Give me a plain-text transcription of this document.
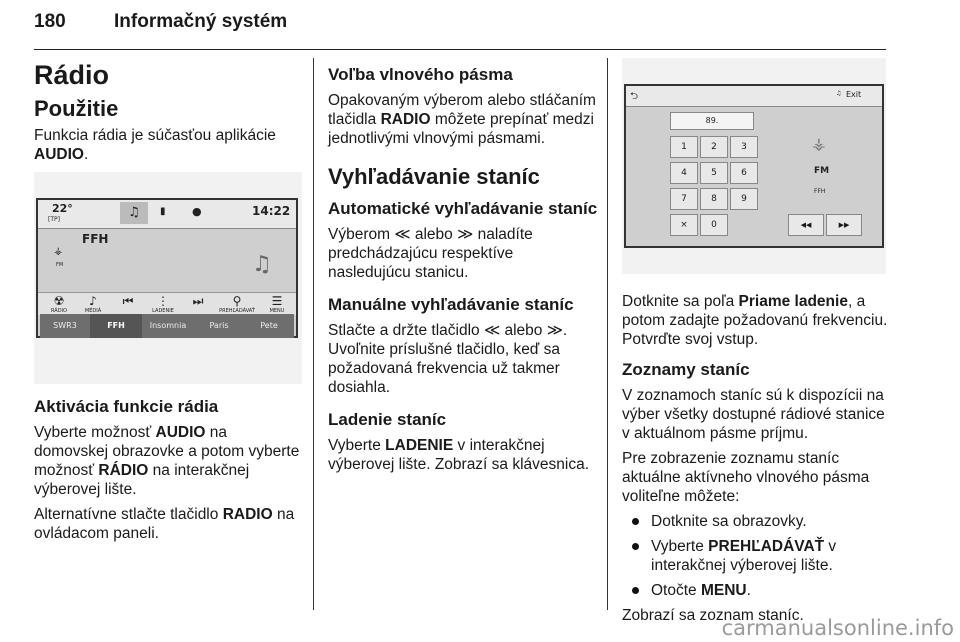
180	Informačný systém
Rádio
Použitie

Funkcia rádia je súčasťou aplikácie AUDIO.

22°
[TP]	♫	▮ ●	14:22
FFH
⚶
FM	♫
☢
RÁDIO
♪
MÉDIÁ
⏮	⋮
LADENIE
⏭	⚲
PREHĽADÁVAŤ
☰
MENU
SWR3	FFH	Insomnia	Paris	Pete
Aktivácia funkcie rádia

Vyberte možnosť AUDIO na domovskej obrazovke a potom vyberte možnosť RÁDIO na interakčnej výberovej lište.

Alternatívne stlačte tlačidlo RADIO na ovládacom paneli.

Voľba vlnového pásma

Opakovaným výberom alebo stláčaním tlačidla RADIO môžete prepínať medzi jednotlivými vlnovými pásmami.

Vyhľadávanie staníc
Automatické vyhľadávanie staníc

Výberom ≪ alebo ≫ naladíte predchádzajúcu respektíve nasledujúcu stanicu.

Manuálne vyhľadávanie staníc

Stlačte a držte tlačidlo ≪ alebo ≫. Uvoľnite príslušné tlačidlo, keď sa požadovaná frekvencia už takmer dosiahla.

Ladenie staníc

Vyberte LADENIE v interakčnej výberovej lište. Zobrazí sa klávesnica.

⮌	♫ Exit
89.
1	2	3
4	5	6
7	8	9
×	0
⚶
FM
FFH
◀◀	▶▶

Dotknite sa poľa Priame ladenie, a potom zadajte požadovanú frekvenciu. Potvrďte svoj vstup.

Zoznamy staníc

V zoznamoch staníc sú k dispozícii na výber všetky dostupné rádiové stanice v aktuálnom pásme príjmu.

Pre zobrazenie zoznamu staníc aktuálne aktívneho vlnového pásma voliteľne môžete:

Dotknite sa obrazovky.
Vyberte PREHĽADÁVAŤ v interakčnej výberovej lište.
Otočte MENU.

Zobrazí sa zoznam staníc.

carmanualsonline.info
